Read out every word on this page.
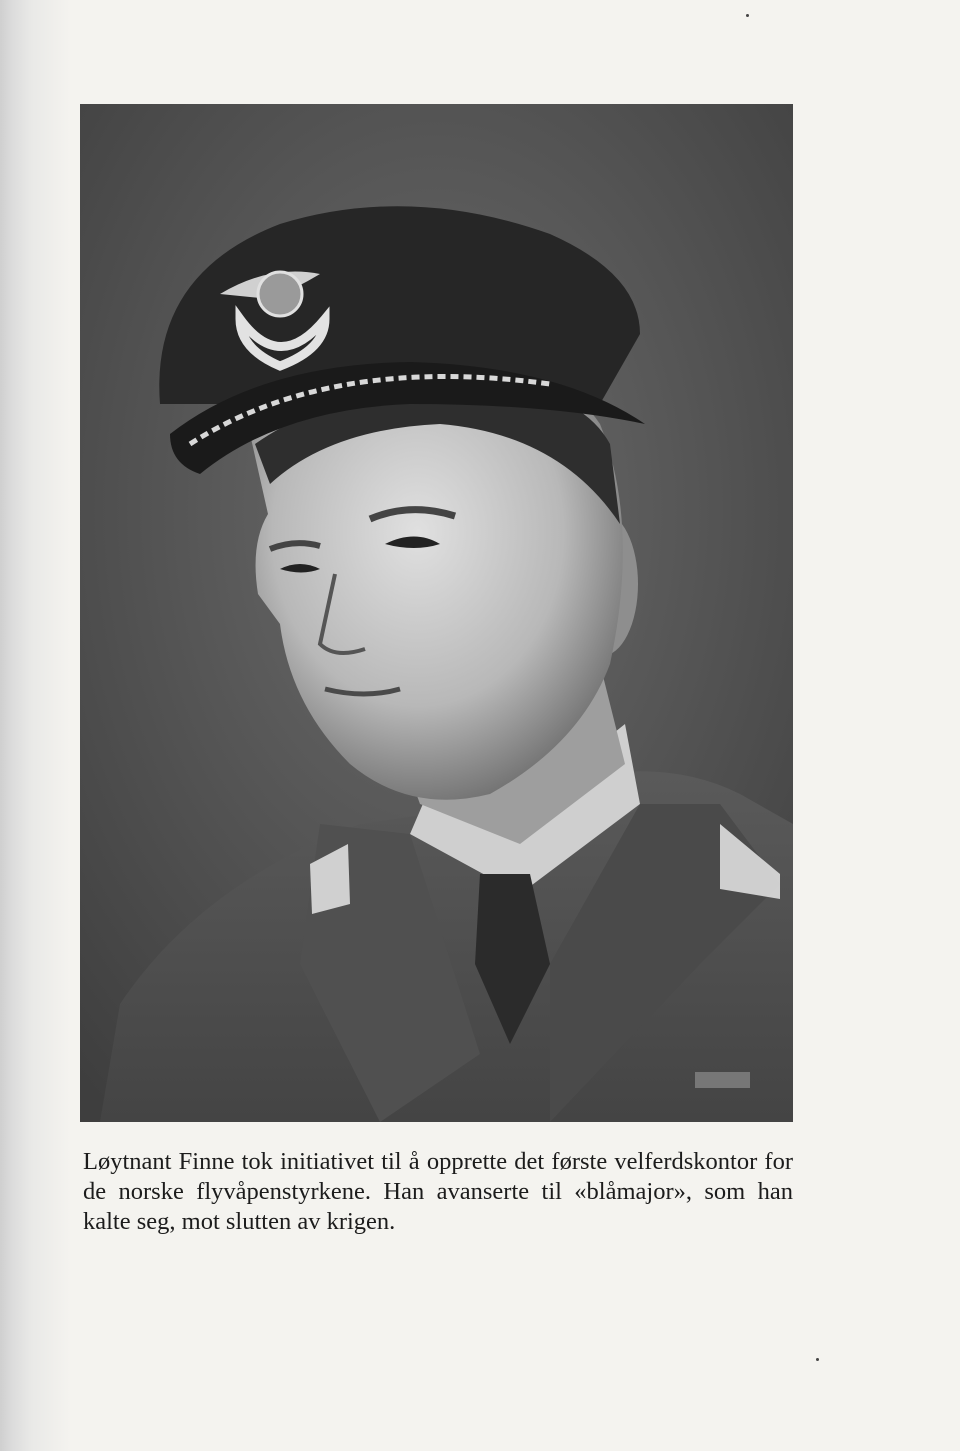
Løytnant Finne tok initiativet til å opprette det første velferdskontor for
de norske flyvåpenstyrkene. Han avanserte til «blåmajor», som han
kalte seg, mot slutten av krigen.
